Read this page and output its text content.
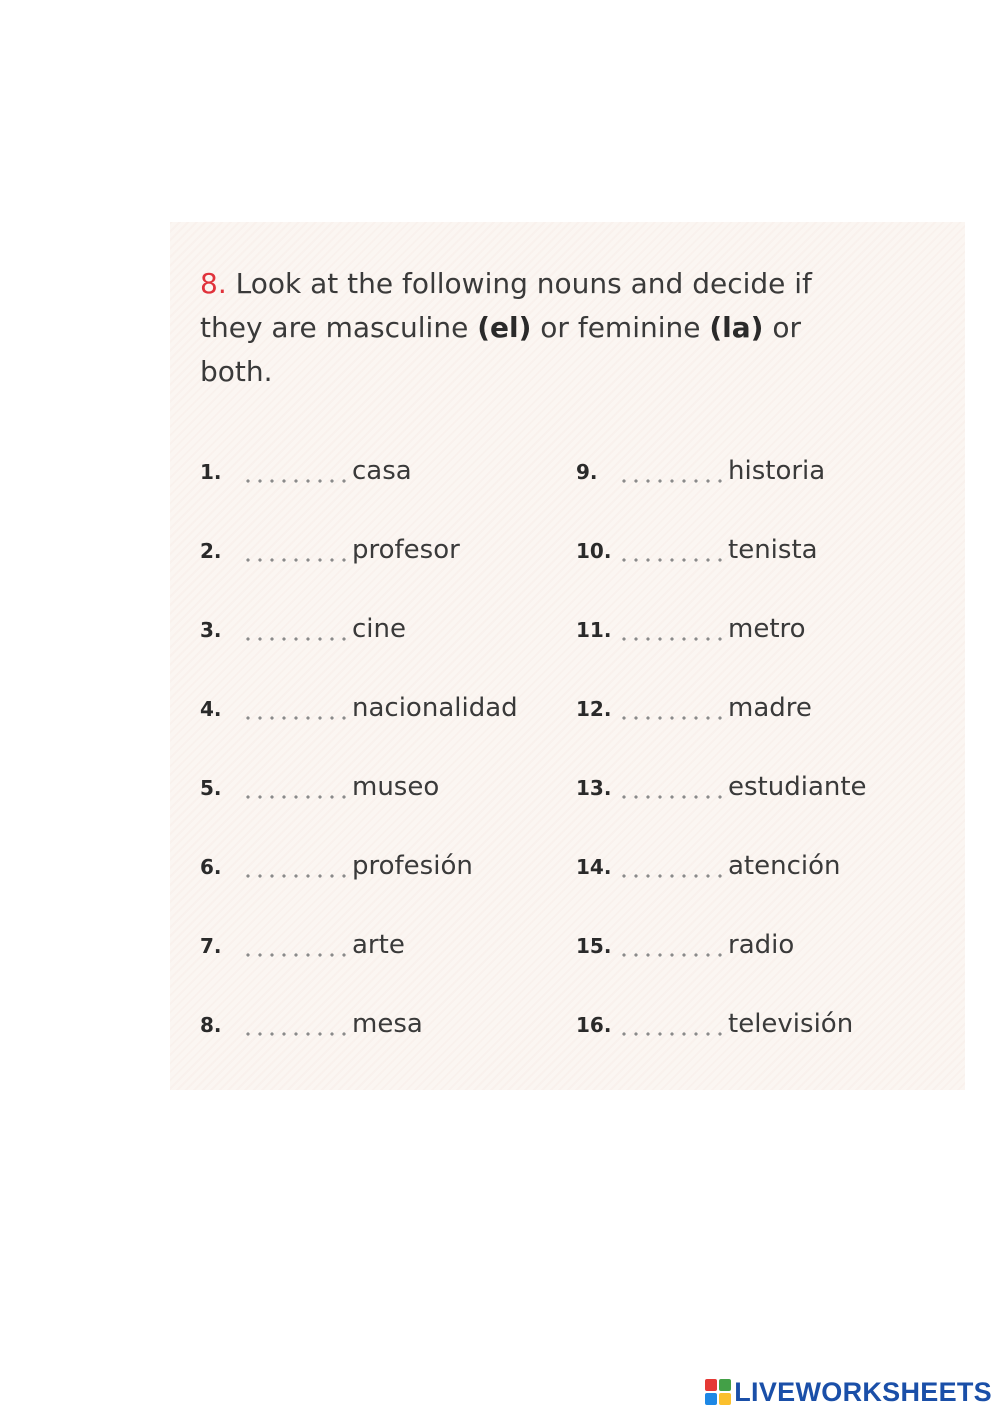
8. Look at the following nouns and decide if they are masculine (el) or feminine (la) or both.
1.	casa
2.	profesor
3.	cine
4.	nacionalidad
5.	museo
6.	profesión
7.	arte
8.	mesa
9.	historia
10.	tenista
11.	metro
12.	madre
13.	estudiante
14.	atención
15.	radio
16.	televisión
LIVEWORKSHEETS
